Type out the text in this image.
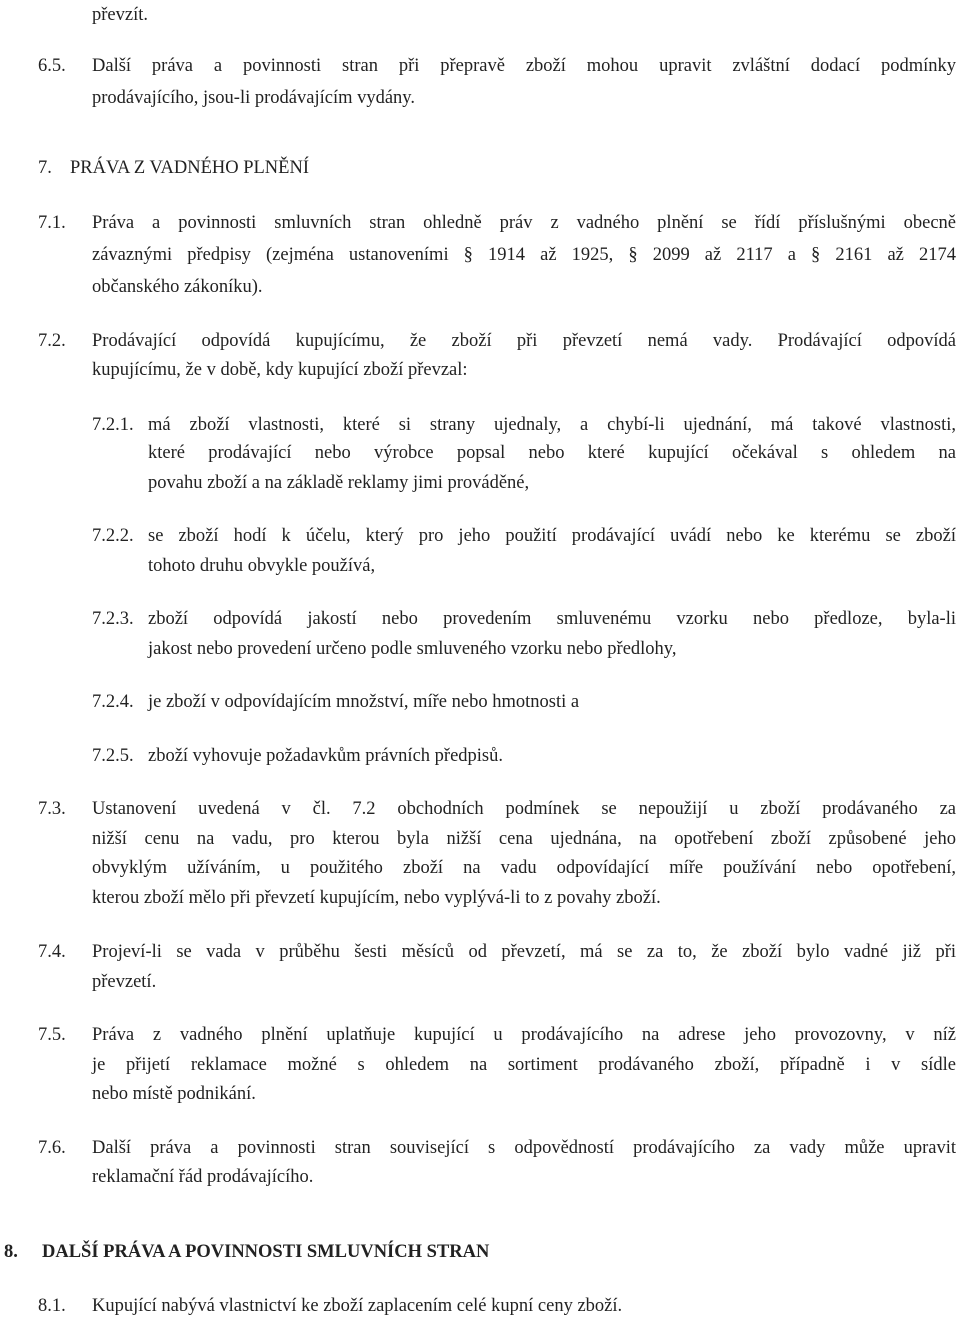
převzít.
6.5. Další práva a povinnosti stran při přepravě zboží mohou upravit zvláštní dodací podmínky
prodávajícího, jsou-li prodávajícím vydány.
7. PRÁVA Z VADNÉHO PLNĚNÍ
7.1. Práva a povinnosti smluvních stran ohledně práv z vadného plnění se řídí příslušnými obecně
závaznými předpisy (zejména ustanoveními § 1914 až 1925, § 2099 až 2117 a § 2161 až 2174
občanského zákoníku).
7.2. Prodávající odpovídá kupujícímu, že zboží při převzetí nemá vady. Prodávající odpovídá
kupujícímu, že v době, kdy kupující zboží převzal:
7.2.1. má zboží vlastnosti, které si strany ujednaly, a chybí-li ujednání, má takové vlastnosti,
které prodávající nebo výrobce popsal nebo které kupující očekával s ohledem na
povahu zboží a na základě reklamy jimi prováděné,
7.2.2. se zboží hodí k účelu, který pro jeho použití prodávající uvádí nebo ke kterému se zboží
tohoto druhu obvykle používá,
7.2.3. zboží odpovídá jakostí nebo provedením smluvenému vzorku nebo předloze, byla-li
jakost nebo provedení určeno podle smluveného vzorku nebo předlohy,
7.2.4. je zboží v odpovídajícím množství, míře nebo hmotnosti a
7.2.5. zboží vyhovuje požadavkům právních předpisů.
7.3. Ustanovení uvedená v čl. 7.2 obchodních podmínek se nepoužijí u zboží prodávaného za
nižší cenu na vadu, pro kterou byla nižší cena ujednána, na opotřebení zboží způsobené jeho
obvyklým užíváním, u použitého zboží na vadu odpovídající míře používání nebo opotřebení,
kterou zboží mělo při převzetí kupujícím, nebo vyplývá-li to z povahy zboží.
7.4. Projeví-li se vada v průběhu šesti měsíců od převzetí, má se za to, že zboží bylo vadné již při
převzetí.
7.5. Práva z vadného plnění uplatňuje kupující u prodávajícího na adrese jeho provozovny, v níž
je přijetí reklamace možné s ohledem na sortiment prodávaného zboží, případně i v sídle
nebo místě podnikání.
7.6. Další práva a povinnosti stran související s odpovědností prodávajícího za vady může upravit
reklamační řád prodávajícího.
8. DALŠÍ PRÁVA A POVINNOSTI SMLUVNÍCH STRAN
8.1. Kupující nabývá vlastnictví ke zboží zaplacením celé kupní ceny zboží.
